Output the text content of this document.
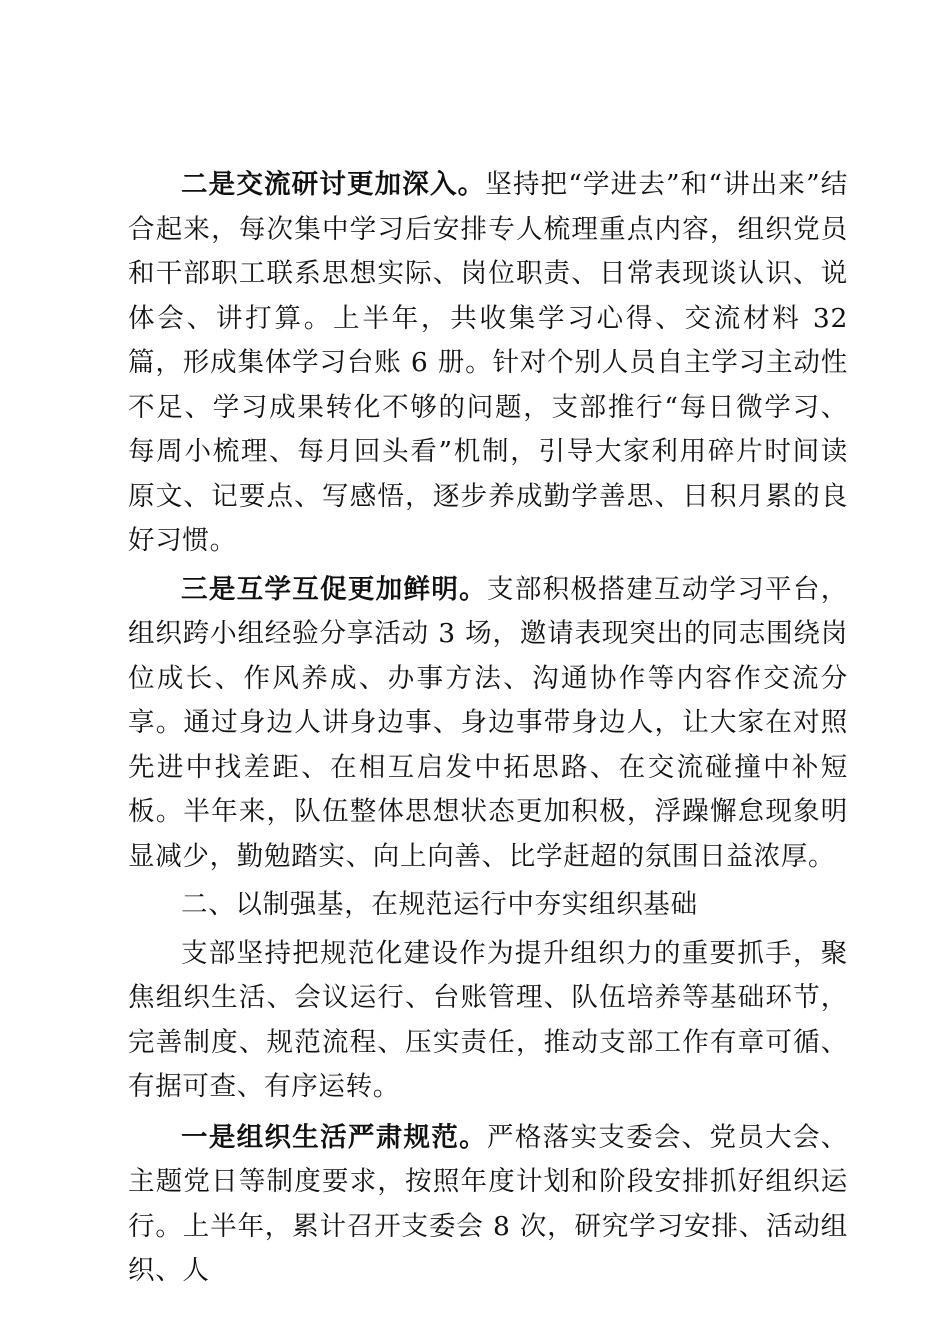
二是交流研讨更加深入。坚持把“学进去”和“讲出来”结合起来，每次集中学习后安排专人梳理重点内容，组织党员和干部职工联系思想实际、岗位职责、日常表现谈认识、说体会、讲打算。上半年，共收集学习心得、交流材料 32 篇，形成集体学习台账 6 册。针对个别人员自主学习主动性不足、学习成果转化不够的问题，支部推行“每日微学习、每周小梳理、每月回头看”机制，引导大家利用碎片时间读原文、记要点、写感悟，逐步养成勤学善思、日积月累的良好习惯。

三是互学互促更加鲜明。支部积极搭建互动学习平台，组织跨小组经验分享活动 3 场，邀请表现突出的同志围绕岗位成长、作风养成、办事方法、沟通协作等内容作交流分享。通过身边人讲身边事、身边事带身边人，让大家在对照先进中找差距、在相互启发中拓思路、在交流碰撞中补短板。半年来，队伍整体思想状态更加积极，浮躁懈怠现象明显减少，勤勉踏实、向上向善、比学赶超的氛围日益浓厚。

二、以制强基，在规范运行中夯实组织基础

支部坚持把规范化建设作为提升组织力的重要抓手，聚焦组织生活、会议运行、台账管理、队伍培养等基础环节，完善制度、规范流程、压实责任，推动支部工作有章可循、有据可查、有序运转。

一是组织生活严肃规范。严格落实支委会、党员大会、主题党日等制度要求，按照年度计划和阶段安排抓好组织运行。上半年，累计召开支委会 8 次，研究学习安排、活动组织、人
